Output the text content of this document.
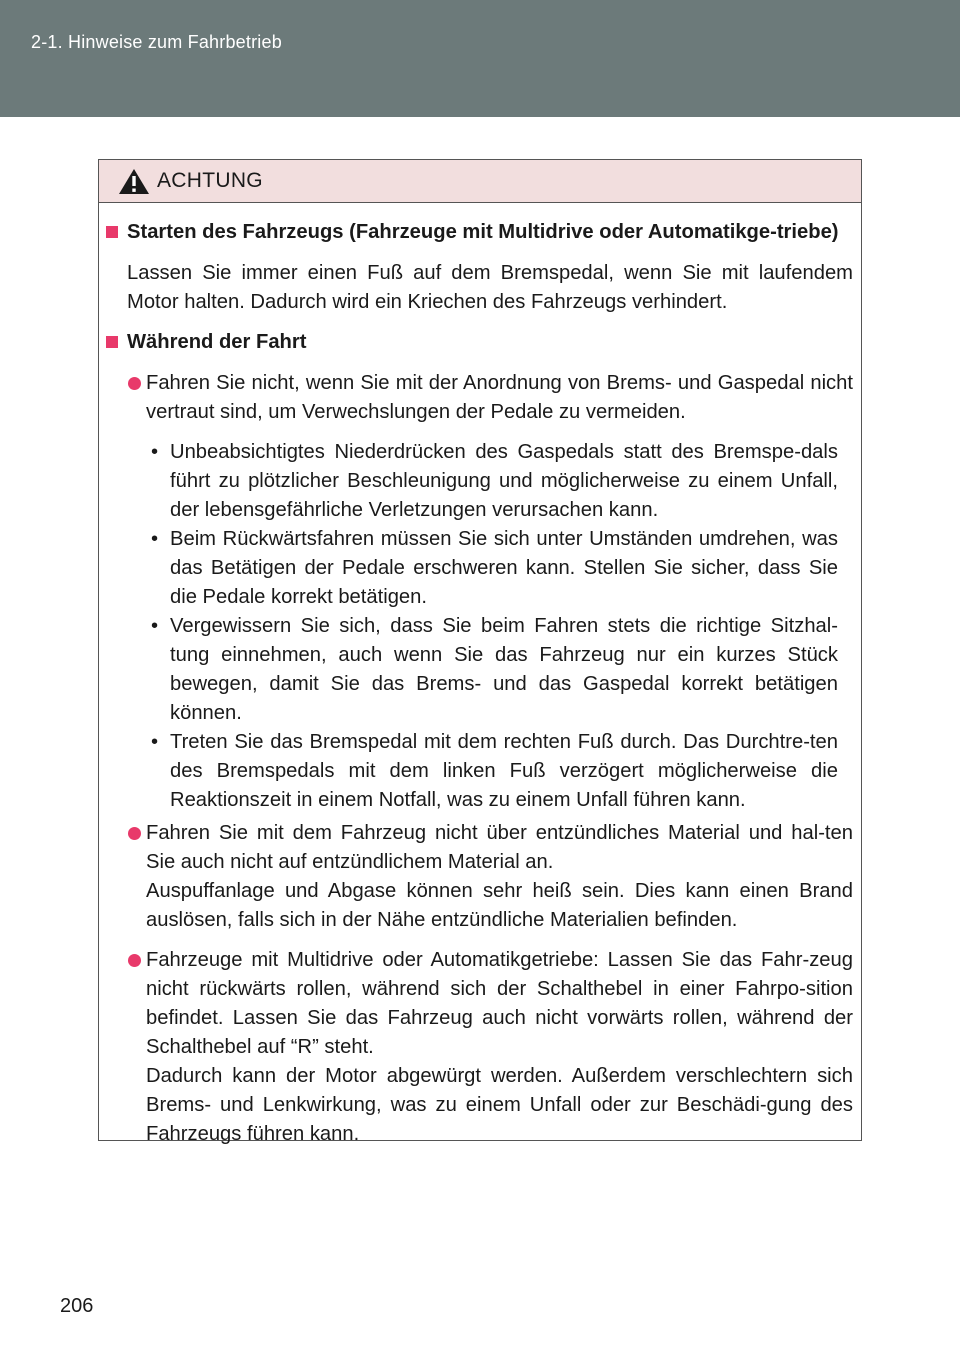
2-1. Hinweise zum Fahrbetrieb
ACHTUNG
Starten des Fahrzeugs (Fahrzeuge mit Multidrive oder Automatikge-triebe)
Lassen Sie immer einen Fuß auf dem Bremspedal, wenn Sie mit laufendem Motor halten. Dadurch wird ein Kriechen des Fahrzeugs verhindert.
Während der Fahrt
Fahren Sie nicht, wenn Sie mit der Anordnung von Brems- und Gaspedal nicht vertraut sind, um Verwechslungen der Pedale zu vermeiden.
• Unbeabsichtigtes Niederdrücken des Gaspedals statt des Bremspe-dals führt zu plötzlicher Beschleunigung und möglicherweise zu einem Unfall, der lebensgefährliche Verletzungen verursachen kann.
• Beim Rückwärtsfahren müssen Sie sich unter Umständen umdrehen, was das Betätigen der Pedale erschweren kann. Stellen Sie sicher, dass Sie die Pedale korrekt betätigen.
• Vergewissern Sie sich, dass Sie beim Fahren stets die richtige Sitzhal-tung einnehmen, auch wenn Sie das Fahrzeug nur ein kurzes Stück bewegen, damit Sie das Brems- und das Gaspedal korrekt betätigen können.
• Treten Sie das Bremspedal mit dem rechten Fuß durch. Das Durchtre-ten des Bremspedals mit dem linken Fuß verzögert möglicherweise die Reaktionszeit in einem Notfall, was zu einem Unfall führen kann.
Fahren Sie mit dem Fahrzeug nicht über entzündliches Material und hal-ten Sie auch nicht auf entzündlichem Material an.
Auspuffanlage und Abgase können sehr heiß sein. Dies kann einen Brand auslösen, falls sich in der Nähe entzündliche Materialien befinden.
Fahrzeuge mit Multidrive oder Automatikgetriebe: Lassen Sie das Fahr-zeug nicht rückwärts rollen, während sich der Schalthebel in einer Fahrpo-sition befindet. Lassen Sie das Fahrzeug auch nicht vorwärts rollen, während der Schalthebel auf “R” steht.
Dadurch kann der Motor abgewürgt werden. Außerdem verschlechtern sich Brems- und Lenkwirkung, was zu einem Unfall oder zur Beschädi-gung des Fahrzeugs führen kann.
206
